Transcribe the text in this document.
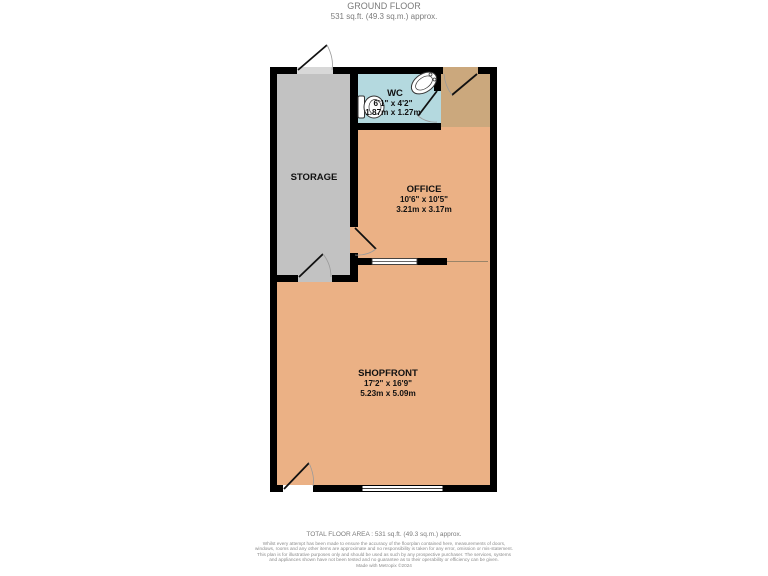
GROUND FLOOR
531 sq.ft. (49.3 sq.m.) approx.
WC
6'1" x 4'2"
1.87m x 1.27m
STORAGE
OFFICE
10'6" x 10'5"
3.21m x 3.17m
SHOPFRONT
17'2" x 16'9"
5.23m x 5.09m
TOTAL FLOOR AREA : 531 sq.ft. (49.3 sq.m.) approx.
Whilst every attempt has been made to ensure the accuracy of the floorplan contained here, measurements of doors, windows, rooms and any other items are approximate and no responsibility is taken for any error, omission or mis-statement. This plan is for illustrative purposes only and should be used as such by any prospective purchaser. The services, systems and appliances shown have not been tested and no guarantee as to their operability or efficiency can be given.
Made with Metropix ©2024
